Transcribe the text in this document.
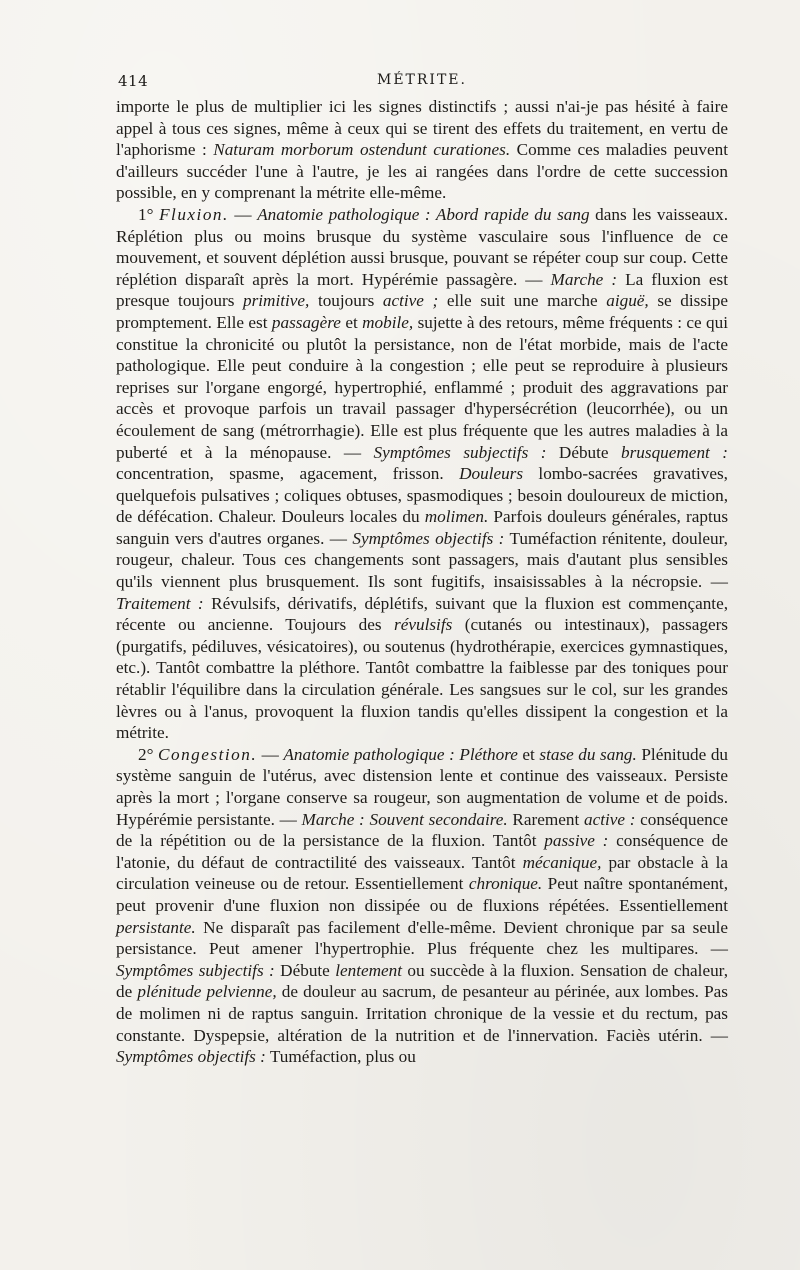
414	MÉTRITE.

importe le plus de multiplier ici les signes distinctifs ; aussi n'ai-je pas hésité à faire appel à tous ces signes, même à ceux qui se tirent des effets du traitement, en vertu de l'aphorisme : Naturam morborum ostendunt curationes. Comme ces maladies peuvent d'ailleurs succéder l'une à l'autre, je les ai rangées dans l'ordre de cette succession possible, en y comprenant la métrite elle-même.

1° Fluxion. — Anatomie pathologique : Abord rapide du sang dans les vaisseaux. Réplétion plus ou moins brusque du système vasculaire sous l'influence de ce mouvement, et souvent déplétion aussi brusque, pouvant se répéter coup sur coup. Cette réplétion disparaît après la mort. Hypérémie passagère. — Marche : La fluxion est presque toujours primitive, toujours active ; elle suit une marche aiguë, se dissipe promptement. Elle est passagère et mobile, sujette à des retours, même fréquents : ce qui constitue la chronicité ou plutôt la persistance, non de l'état morbide, mais de l'acte pathologique. Elle peut conduire à la congestion ; elle peut se reproduire à plusieurs reprises sur l'organe engorgé, hypertrophié, enflammé ; produit des aggravations par accès et provoque parfois un travail passager d'hypersécrétion (leucorrhée), ou un écoulement de sang (métrorrhagie). Elle est plus fréquente que les autres maladies à la puberté et à la ménopause. — Symptômes subjectifs : Débute brusquement : concentration, spasme, agacement, frisson. Douleurs lombo-sacrées gravatives, quelquefois pulsatives ; coliques obtuses, spasmodiques ; besoin douloureux de miction, de défécation. Chaleur. Douleurs locales du molimen. Parfois douleurs générales, raptus sanguin vers d'autres organes. — Symptômes objectifs : Tuméfaction rénitente, douleur, rougeur, chaleur. Tous ces changements sont passagers, mais d'autant plus sensibles qu'ils viennent plus brusquement. Ils sont fugitifs, insaisissables à la nécropsie. — Traitement : Révulsifs, dérivatifs, déplétifs, suivant que la fluxion est commençante, récente ou ancienne. Toujours des révulsifs (cutanés ou intestinaux), passagers (purgatifs, pédiluves, vésicatoires), ou soutenus (hydrothérapie, exercices gymnastiques, etc.). Tantôt combattre la pléthore. Tantôt combattre la faiblesse par des toniques pour rétablir l'équilibre dans la circulation générale. Les sangsues sur le col, sur les grandes lèvres ou à l'anus, provoquent la fluxion tandis qu'elles dissipent la congestion et la métrite.

2° Congestion. — Anatomie pathologique : Pléthore et stase du sang. Plénitude du système sanguin de l'utérus, avec distension lente et continue des vaisseaux. Persiste après la mort ; l'organe conserve sa rougeur, son augmentation de volume et de poids. Hypérémie persistante. — Marche : Souvent secondaire. Rarement active : conséquence de la répétition ou de la persistance de la fluxion. Tantôt passive : conséquence de l'atonie, du défaut de contractilité des vaisseaux. Tantôt mécanique, par obstacle à la circulation veineuse ou de retour. Essentiellement chronique. Peut naître spontanément, peut provenir d'une fluxion non dissipée ou de fluxions répétées. Essentiellement persistante. Ne disparaît pas facilement d'elle-même. Devient chronique par sa seule persistance. Peut amener l'hypertrophie. Plus fréquente chez les multipares. — Symptômes subjectifs : Débute lentement ou succède à la fluxion. Sensation de chaleur, de plénitude pelvienne, de douleur au sacrum, de pesanteur au périnée, aux lombes. Pas de molimen ni de raptus sanguin. Irritation chronique de la vessie et du rectum, pas constante. Dyspepsie, altération de la nutrition et de l'innervation. Faciès utérin. — Symptômes objectifs : Tuméfaction, plus ou
